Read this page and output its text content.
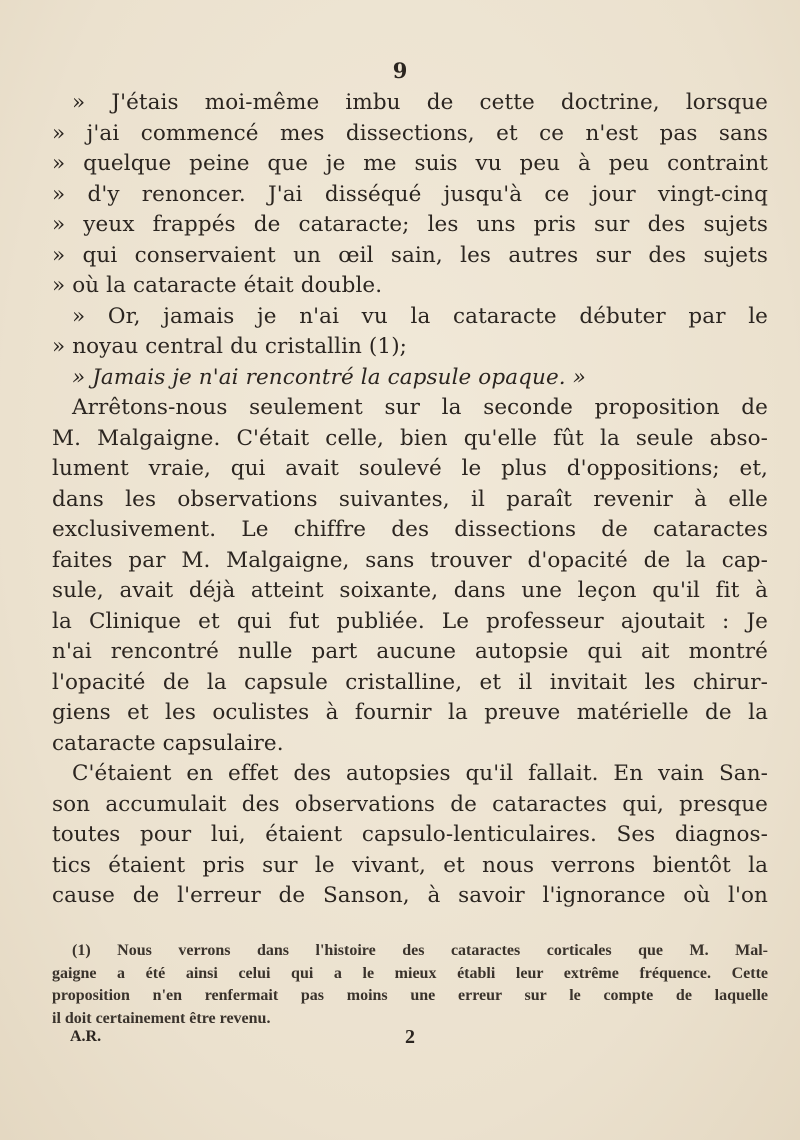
9
» J'étais moi-même imbu de cette doctrine, lorsque
» j'ai commencé mes dissections, et ce n'est pas sans
» quelque peine que je me suis vu peu à peu contraint
» d'y renoncer. J'ai disséqué jusqu'à ce jour vingt-cinq
» yeux frappés de cataracte; les uns pris sur des sujets
» qui conservaient un œil sain, les autres sur des sujets
» où la cataracte était double.
» Or, jamais je n'ai vu la cataracte débuter par le
» noyau central du cristallin (1);
» Jamais je n'ai rencontré la capsule opaque. »
Arrêtons-nous seulement sur la seconde proposition de
M. Malgaigne. C'était celle, bien qu'elle fût la seule abso-
lument vraie, qui avait soulevé le plus d'oppositions; et,
dans les observations suivantes, il paraît revenir à elle
exclusivement. Le chiffre des dissections de cataractes
faites par M. Malgaigne, sans trouver d'opacité de la cap-
sule, avait déjà atteint soixante, dans une leçon qu'il fit à
la Clinique et qui fut publiée. Le professeur ajoutait : Je
n'ai rencontré nulle part aucune autopsie qui ait montré
l'opacité de la capsule cristalline, et il invitait les chirur-
giens et les oculistes à fournir la preuve matérielle de la
cataracte capsulaire.
C'étaient en effet des autopsies qu'il fallait. En vain San-
son accumulait des observations de cataractes qui, presque
toutes pour lui, étaient capsulo-lenticulaires. Ses diagnos-
tics étaient pris sur le vivant, et nous verrons bientôt la
cause de l'erreur de Sanson, à savoir l'ignorance où l'on
(1) Nous verrons dans l'histoire des cataractes corticales que M. Mal-
gaigne a été ainsi celui qui a le mieux établi leur extrême fréquence. Cette
proposition n'en renfermait pas moins une erreur sur le compte de laquelle
il doit certainement être revenu.
A.R.	2
